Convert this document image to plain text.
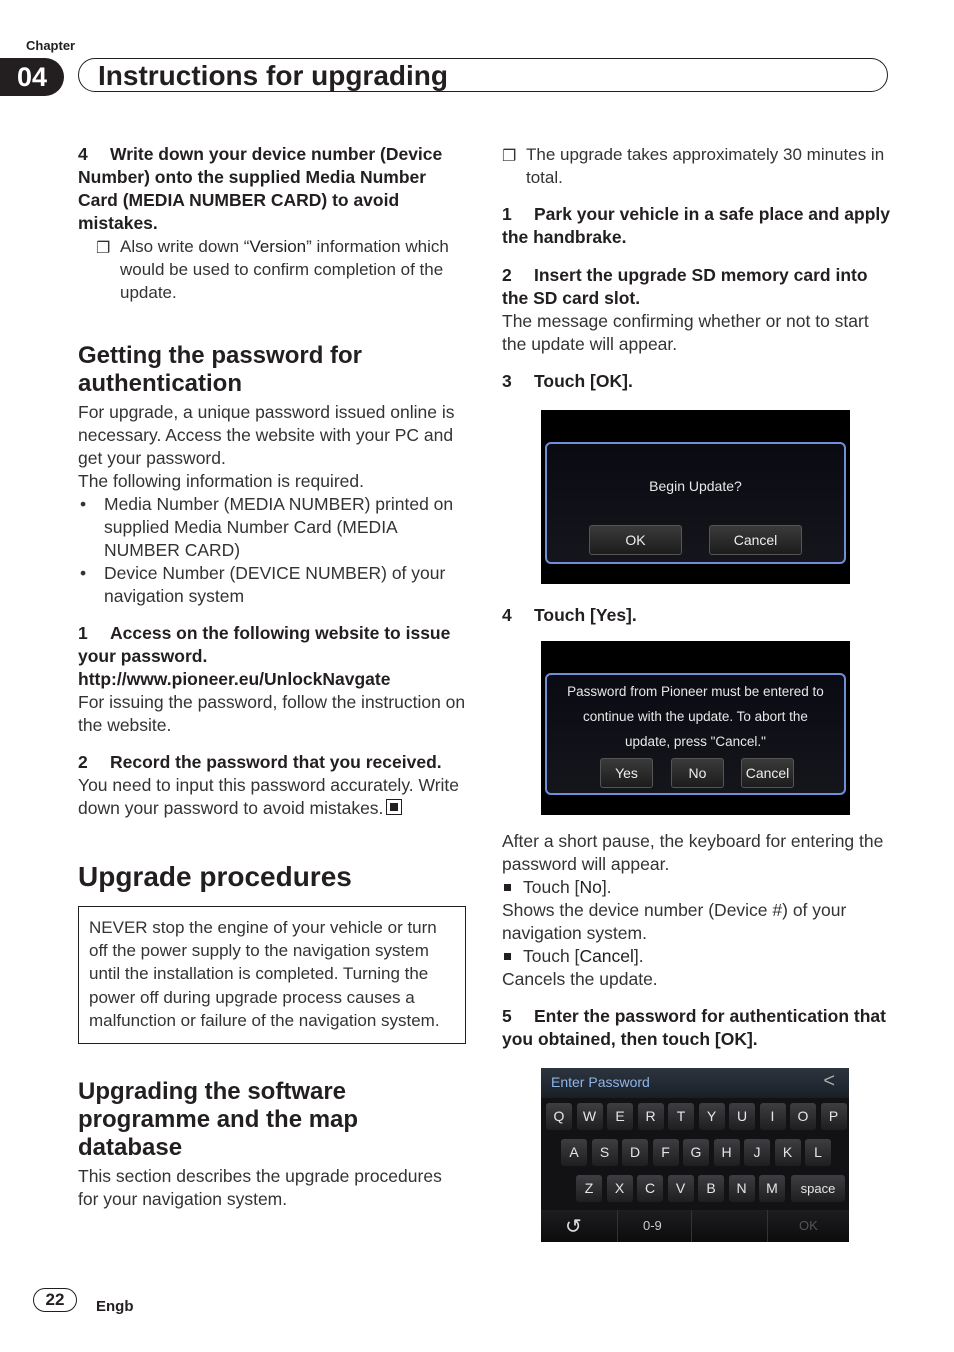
Chapter
04	Instructions for upgrading

4 Write down your device number (Device Number) onto the supplied Media Number Card (MEDIA NUMBER CARD) to avoid mistakes.

❐ Also write down “Version” information which would be used to confirm completion of the update.

Getting the password for authentication

For upgrade, a unique password issued online is necessary. Access the website with your PC and get your password.

The following information is required.

• Media Number (MEDIA NUMBER) printed on supplied Media Number Card (MEDIA NUMBER CARD)
• Device Number (DEVICE NUMBER) of your navigation system

1 Access on the following website to issue your password.

http://www.pioneer.eu/UnlockNavgate

For issuing the password, follow the instruction on the website.

2 Record the password that you received.

You need to input this password accurately. Write down your password to avoid mistakes.

Upgrade procedures

NEVER stop the engine of your vehicle or turn off the power supply to the navigation system until the installation is completed. Turning the power off during upgrade process causes a malfunction or failure of the navigation system.

Upgrading the software programme and the map database

This section describes the upgrade procedures for your navigation system.

❐ The upgrade takes approximately 30 minutes in total.

1 Park your vehicle in a safe place and apply the handbrake.

2 Insert the upgrade SD memory card into the SD card slot.

The message confirming whether or not to start the update will appear.

3 Touch [OK].

Begin Update?
OK	Cancel

4 Touch [Yes].

Password from Pioneer must be entered to
continue with the update. To abort the
update, press "Cancel."
Yes	No	Cancel

After a short pause, the keyboard for entering the password will appear.

Touch [No].

Shows the device number (Device #) of your navigation system.

Touch [Cancel].

Cancels the update.

5 Enter the password for authentication that you obtained, then touch [OK].

Enter Password	<
Q	W	E	R	T	Y	U	I	O	P
A	S	D	F	G	H	J	K	L
Z	X	C	V	B	N	M	space
↺	0-9	OK
22	Engb
